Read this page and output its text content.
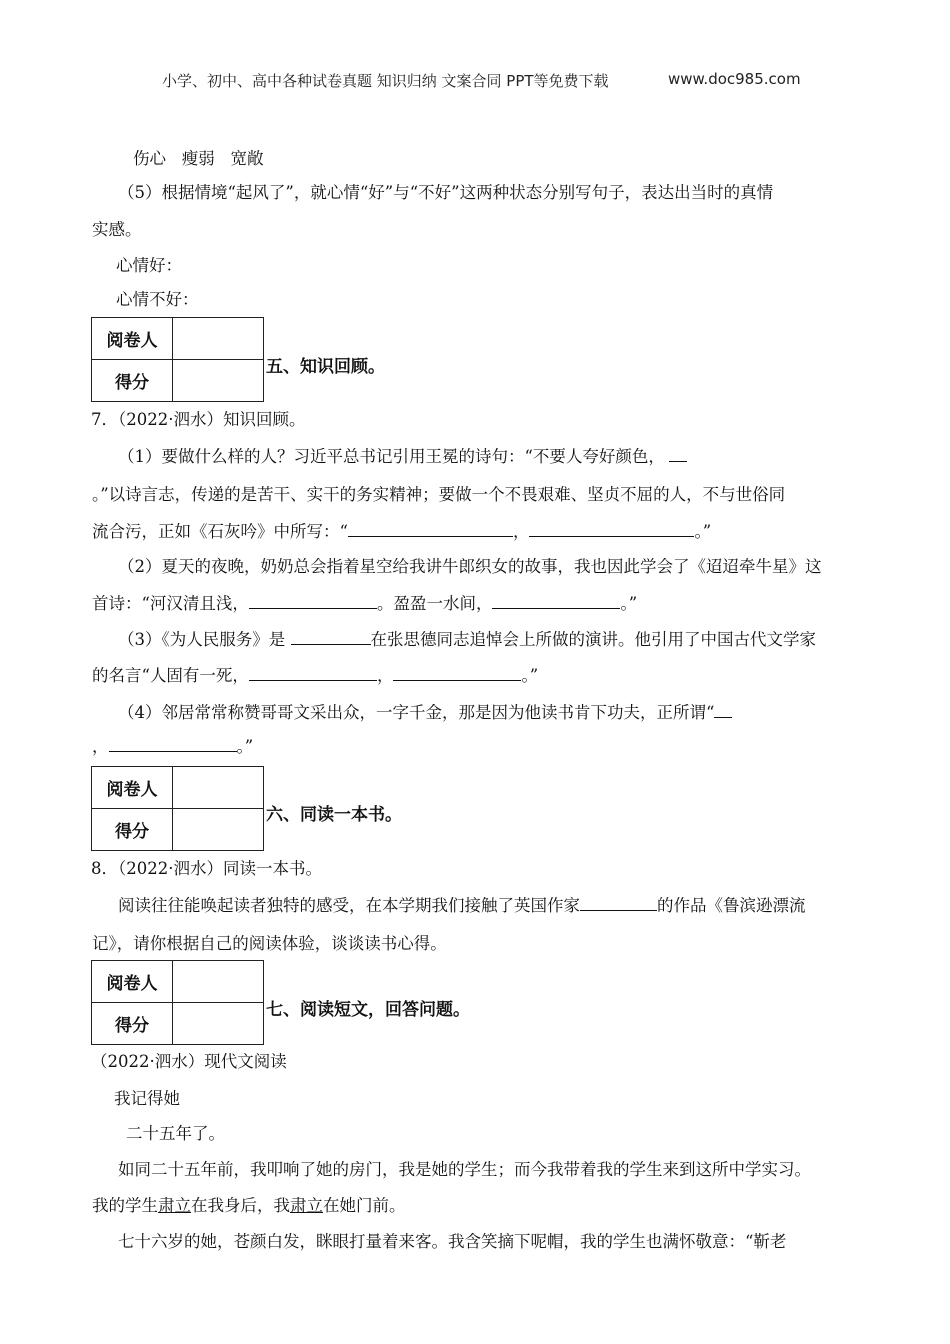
小学、初中、高中各种试卷真题 知识归纳 文案合同 PPT等免费下载	www.doc985.com
伤心   瘦弱   宽敞
（5）根据情境“起风了”，就心情“好”与“不好”这两种状态分别写句子，表达出当时的真情
实感。
心情好：
心情不好：
阅卷人	
得分	
五、知识回顾。
7．（2022·泗水）知识回顾。
（1）要做什么样的人？习近平总书记引用王冕的诗句：“不要人夸好颜色，
。”以诗言志，传递的是苦干、实干的务实精神；要做一个不畏艰难、坚贞不屈的人，不与世俗同
流合污，正如《石灰吟》中所写：“	，	。”
（2）夏天的夜晚，奶奶总会指着星空给我讲牛郎织女的故事，我也因此学会了《迢迢牵牛星》这
首诗：“河汉清且浅，	。盈盈一水间，	。”
（3）《为人民服务》是	在张思德同志追悼会上所做的演讲。他引用了中国古代文学家
的名言“人固有一死，	，	。”
（4）邻居常常称赞哥哥文采出众，一字千金，那是因为他读书肯下功夫，正所谓“
，	。”
阅卷人	
得分	
六、同读一本书。
8．（2022·泗水）同读一本书。
阅读往往能唤起读者独特的感受，在本学期我们接触了英国作家	的作品《鲁滨逊漂流
记》，请你根据自己的阅读体验，谈谈读书心得。
阅卷人	
得分	
七、阅读短文，回答问题。
（2022·泗水）现代文阅读
我记得她
二十五年了。
如同二十五年前，我叩响了她的房门，我是她的学生；而今我带着我的学生来到这所中学实习。
我的学生肃立在我身后，我肃立在她门前。
七十六岁的她，苍颜白发，眯眼打量着来客。我含笑摘下呢帽，我的学生也满怀敬意：“靳老
